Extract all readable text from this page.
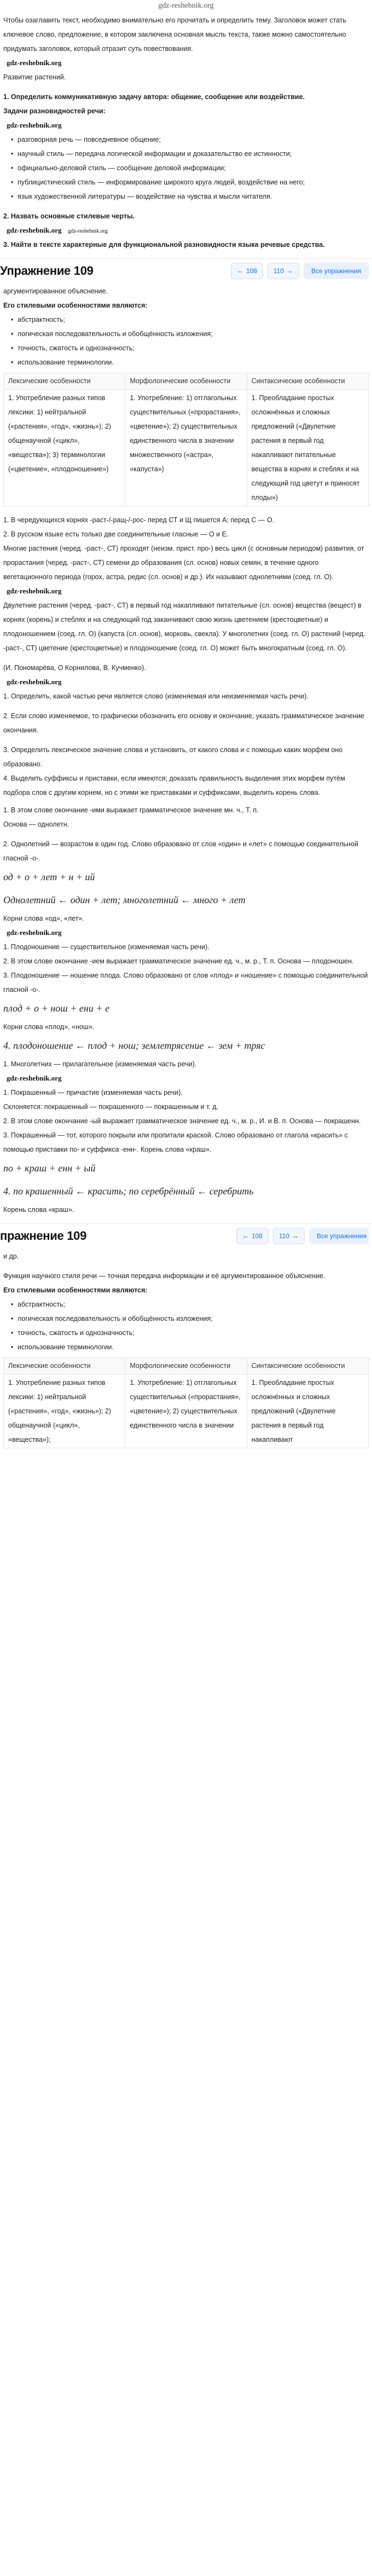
gdz-reshebnik.org

Чтобы озаглавить текст, необходимо внимательно его прочитать и определить тему. Заголовок может стать ключевое слово, предложение, в котором заключена основная мысль текста, также можно самостоятельно придумать заголовок, который отразит суть повествования.

gdz-reshebnik.org

Развитие растений.

1. Определить коммуникативную задачу автора: общение, сообщение или воздействие.

Задачи разновидностей речи:

gdz-reshebnik.org
• разговорная речь — повседневное общение;
• научный стиль — передача логической информации и доказательство ее истинности;
• официально-деловой стиль — сообщение деловой информации;
• публицистический стиль — информирование широкого круга людей, воздействие на него;
• язык художественной литературы — воздействие на чувства и мысли читателя.

2. Назвать основные стилевые черты.

gdz-reshebnik.org gdz-reshebnik.org

3. Найти в тексте характерные для функциональной разновидности языка речевые средства.

Упражнение 109	← 108	110 →	Все упражнения

аргументированное объяснение.

Его стилевыми особенностями являются:

• абстрактность;
• логическая последовательность и обобщённость изложения;
• точность, сжатость и однозначность;
• использование терминологии.
Лексические особенности	Морфологические особенности	Синтаксические особенности
1. Употребление разных типов лексики: 1) нейтральной («растения», «год», «жизнь»); 2) общенаучной («цикл», «вещества»); 3) терминологии («цветение», «плодоношение»)	1. Употребление: 1) отглагольных существительных («прорастания», «цветение»); 2) существительных единственного числа в значении множественного («астра», «капуста»)	1. Преобладание простых осложнённых и сложных предложений («Двулетние растения в первый год накапливают питательные вещества в корнях и стеблях и на следующий год цветут и приносят плоды»)

1. В чередующихся корнях -раст-/-ращ-/-рос- перед СТ и Щ пишется А; перед С — О.

2. В русском языке есть только две соединительные гласные — О и Е.

Многие растения (черед. -раст-, СТ) проходят (неизм. прист. про-) весь цикл (с основным периодом) развития, от прорастания (черед. -раст-, СТ) семени до образования (сл. основ) новых семян, в течение одного вегетационного периода (горох, астра, редис (сл. основ) и др.). Их называют однолетними (соед. гл. О).

gdz-reshebnik.org

Двулетние растения (черед. -раст-, СТ) в первый год накапливают питательные (сл. основ) вещества (вещест) в корнях (корень) и стеблях и на следующий год заканчивают свою жизнь цветением (крестоцветные) и плодоношением (соед. гл. О) (капуста (сл. основ), морковь, свекла). У многолетних (соед. гл. О) растений (черед. -раст-, СТ) цветение (крестоцветные) и плодоношение (соед. гл. О) может быть многократным (соед. гл. О).

(И. Пономарёва, О Корнилова, В. Кучменко).

gdz-reshebnik.org

1. Определить, какой частью речи является слово (изменяемая или неизменяемая часть речи).

2. Если слово изменяемое, то графически обозначить его основу и окончание, указать грамматическое значение окончания.

3. Определить лексическое значение слова и установить, от какого слова и с помощью каких морфем оно образовано.

4. Выделить суффиксы и приставки, если имеются; доказать правильность выделения этих морфем путём подбора слов с другим корнем, но с этими же приставками и суффиксами, выделить корень слова.

1. В этом слове окончание -ими выражает грамматическое значение мн. ч., Т. п.

Основа — однолетн.

2. Однолетний — возрастом в один год. Слово образовано от слов «один» и «лет» с помощью соединительной гласной -о-.

од + о + лет + н + ий
Однолетний ← один + лет; многолетний ← много + лет

Корни слова «од», «лет».

gdz-reshebnik.org

1. Плодоношение — существительное (изменяемая часть речи).

2. В этом слове окончание -ием выражает грамматическое значение ед. ч., м. р., Т. п. Основа — плодоношен.

3. Плодоношение — ношение плода. Слово образовано от слов «плод» и «ношение» с помощью соединительной гласной -о-.

плод + о + нош + ени + е

Корни слова «плод», «нош».

4. плодоношение ← плод + нош; землетрясение ← зем + тряс

1. Многолетних — прилагательное (изменяемая часть речи).

gdz-reshebnik.org

1. Покрашенный — причастие (изменяемая часть речи).

Склоняется: покрашенный — покрашенного — покрашенным и т. д.

2. В этом слове окончание -ый выражает грамматическое значение ед. ч., м. р., И. и В. п. Основа — покрашенн.

3. Покрашенный — тот, которого покрыли или пропитали краской. Слово образовано от глагола «красить» с помощью приставки по- и суффикса -енн-. Корень слова «краш».

по + краш + енн + ый
4. по крашенный ← красить; по серебрённый ← серебрить

Корень слова «краш».

пражнение 109	← 108	110 →	Все упражнения

и др.

Функция научного стиля речи — точная передача информации и её аргументированное объяснение.

Его стилевыми особенностями являются:

• абстрактность;
• логическая последовательность и обобщённость изложения;
• точность, сжатость и однозначность;
• использование терминологии.
Лексические особенности	Морфологические особенности	Синтаксические особенности
1. Употребление разных типов лексики: 1) нейтральной («растения», «год», «жизнь»); 2) общенаучной («цикл», «вещества»);	1. Употребление: 1) отглагольных существительных («прорастания», «цветение»); 2) существительных единственного числа в значении	1. Преобладание простых осложнённых и сложных предложений («Двулетние растения в первый год накапливают
